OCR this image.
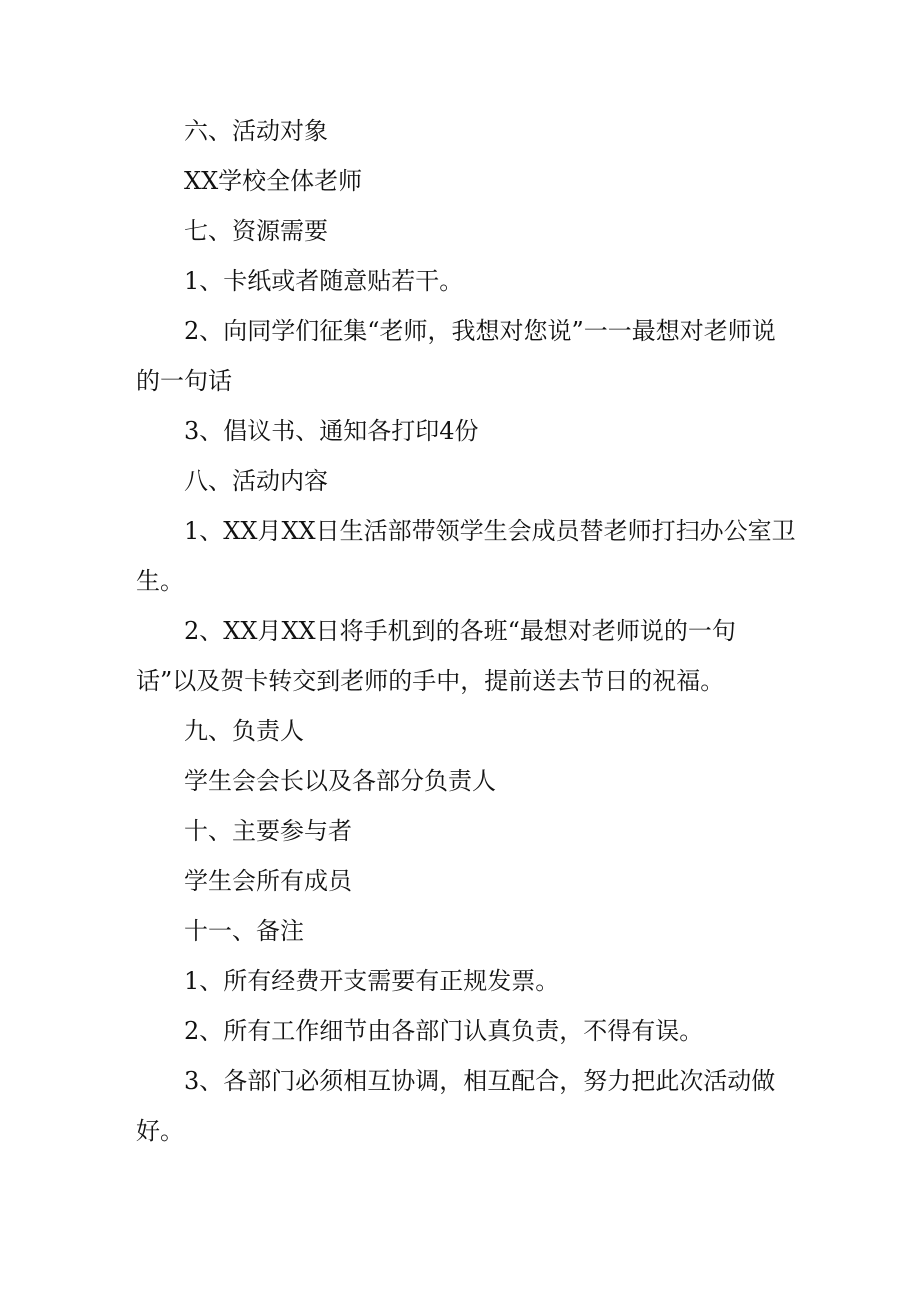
六、活动对象

XX学校全体老师

七、资源需要

1、卡纸或者随意贴若干。

2、向同学们征集“老师，我想对您说”一一最想对老师说的一句话

3、倡议书、通知各打印4份

八、活动内容

1、XX月XX日生活部带领学生会成员替老师打扫办公室卫生。

2、XX月XX日将手机到的各班“最想对老师说的一句话”以及贺卡转交到老师的手中，提前送去节日的祝福。

九、负责人

学生会会长以及各部分负责人

十、主要参与者

学生会所有成员

十一、备注

1、所有经费开支需要有正规发票。

2、所有工作细节由各部门认真负责，不得有误。

3、各部门必须相互协调，相互配合，努力把此次活动做好。
